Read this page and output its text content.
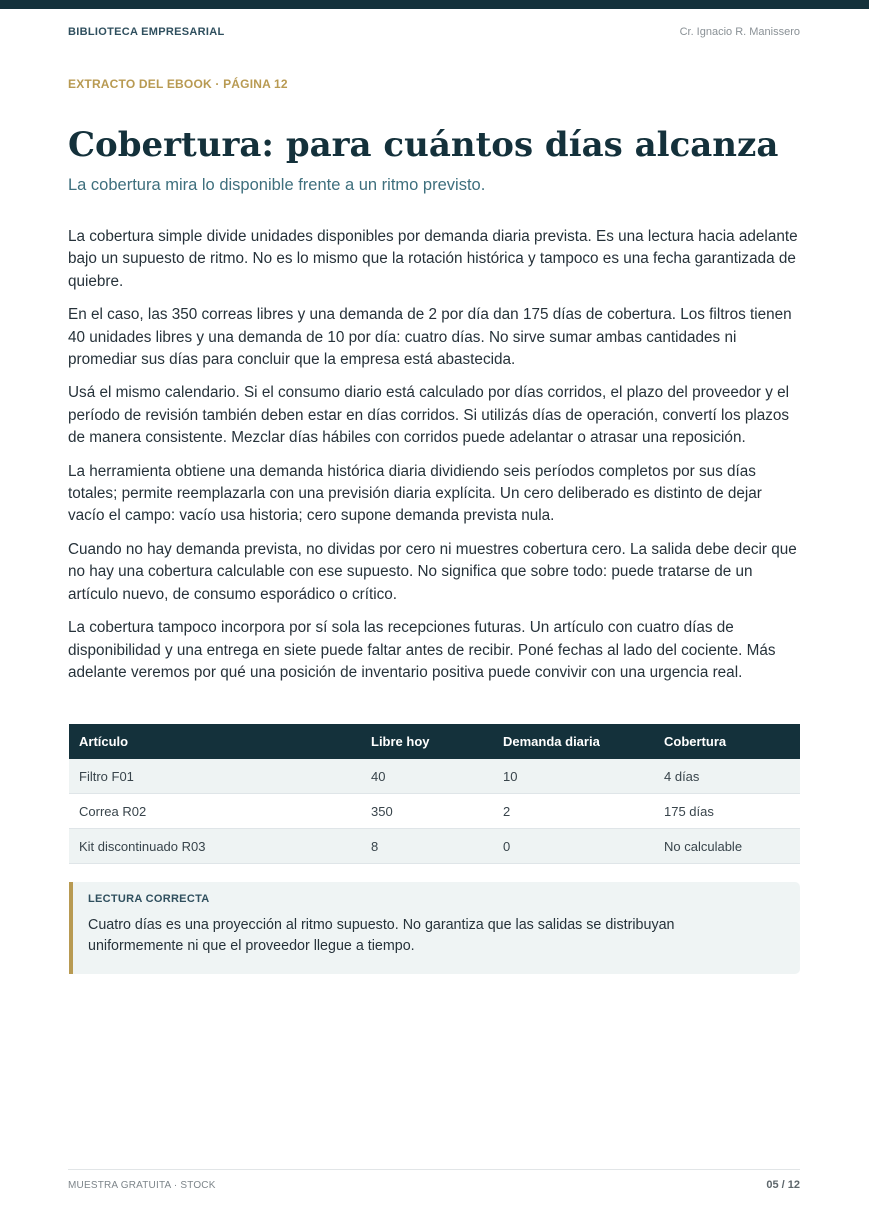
BIBLIOTECA EMPRESARIAL	Cr. Ignacio R. Manissero
EXTRACTO DEL EBOOK · PÁGINA 12
Cobertura: para cuántos días alcanza
La cobertura mira lo disponible frente a un ritmo previsto.

La cobertura simple divide unidades disponibles por demanda diaria prevista. Es una lectura hacia adelante bajo un supuesto de ritmo. No es lo mismo que la rotación histórica y tampoco es una fecha garantizada de quiebre.

En el caso, las 350 correas libres y una demanda de 2 por día dan 175 días de cobertura. Los filtros tienen 40 unidades libres y una demanda de 10 por día: cuatro días. No sirve sumar ambas cantidades ni promediar sus días para concluir que la empresa está abastecida.

Usá el mismo calendario. Si el consumo diario está calculado por días corridos, el plazo del proveedor y el período de revisión también deben estar en días corridos. Si utilizás días de operación, convertí los plazos de manera consistente. Mezclar días hábiles con corridos puede adelantar o atrasar una reposición.

La herramienta obtiene una demanda histórica diaria dividiendo seis períodos completos por sus días totales; permite reemplazarla con una previsión diaria explícita. Un cero deliberado es distinto de dejar vacío el campo: vacío usa historia; cero supone demanda prevista nula.

Cuando no hay demanda prevista, no dividas por cero ni muestres cobertura cero. La salida debe decir que no hay una cobertura calculable con ese supuesto. No significa que sobre todo: puede tratarse de un artículo nuevo, de consumo esporádico o crítico.

La cobertura tampoco incorpora por sí sola las recepciones futuras. Un artículo con cuatro días de disponibilidad y una entrega en siete puede faltar antes de recibir. Poné fechas al lado del cociente. Más adelante veremos por qué una posición de inventario positiva puede convivir con una urgencia real.

Artículo	Libre hoy	Demanda diaria	Cobertura
Filtro F01	40	10	4 días
Correa R02	350	2	175 días
Kit discontinuado R03	8	0	No calculable
LECTURA CORRECTA
Cuatro días es una proyección al ritmo supuesto. No garantiza que las salidas se distribuyan uniformemente ni que el proveedor llegue a tiempo.
MUESTRA GRATUITA · STOCK	05 / 12
